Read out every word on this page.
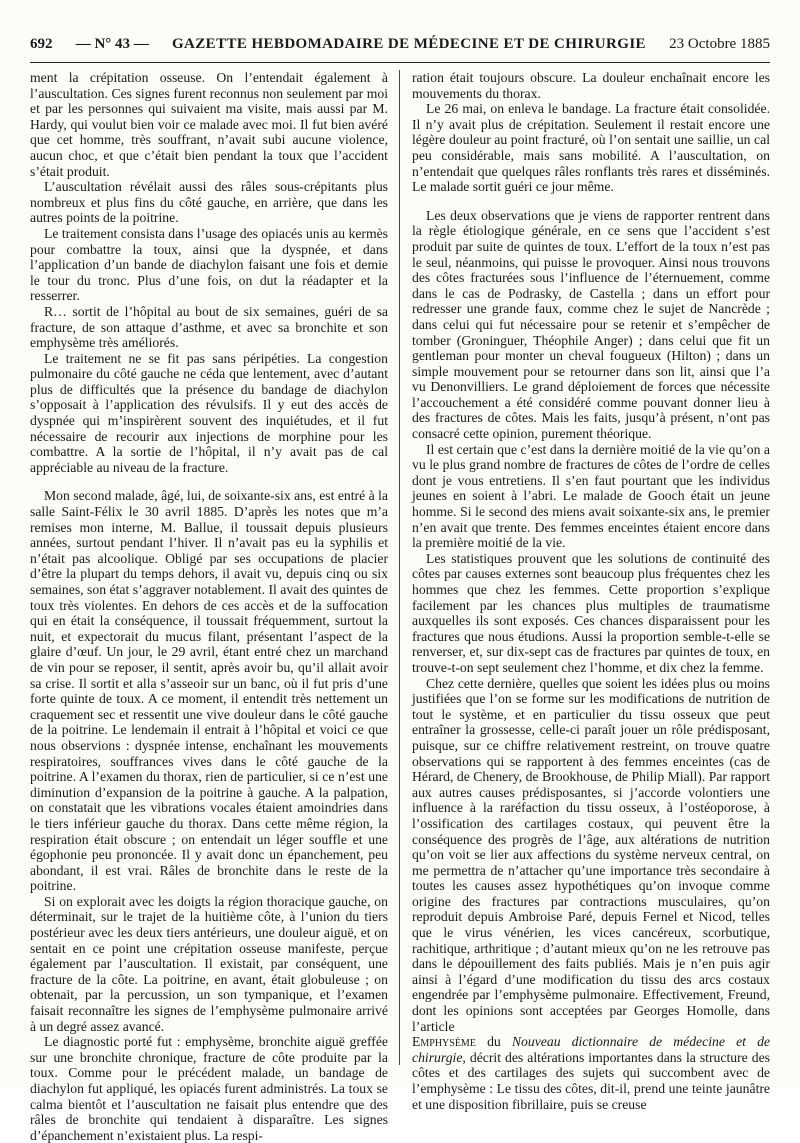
692 — N° 43 — GAZETTE HEBDOMADAIRE DE MÉDECINE ET DE CHIRURGIE 23 Octobre 1885

ment la crépitation osseuse. On l’entendait également à l’auscultation. Ces signes furent reconnus non seulement par moi et par les personnes qui suivaient ma visite, mais aussi par M. Hardy, qui voulut bien voir ce malade avec moi. Il fut bien avéré que cet homme, très souffrant, n’avait subi aucune violence, aucun choc, et que c’était bien pendant la toux que l’accident s’était produit.

L’auscultation révélait aussi des râles sous-crépitants plus nombreux et plus fins du côté gauche, en arrière, que dans les autres points de la poitrine.

Le traitement consista dans l’usage des opiacés unis au kermès pour combattre la toux, ainsi que la dyspnée, et dans l’application d’un bande de diachylon faisant une fois et demie le tour du tronc. Plus d’une fois, on dut la réadapter et la resserrer.

R… sortit de l’hôpital au bout de six semaines, guéri de sa fracture, de son attaque d’asthme, et avec sa bronchite et son emphysème très améliorés.

Le traitement ne se fit pas sans péripéties. La congestion pulmonaire du côté gauche ne céda que lentement, avec d’autant plus de difficultés que la présence du bandage de diachylon s’opposait à l’application des révulsifs. Il y eut des accès de dyspnée qui m’inspirèrent souvent des inquiétudes, et il fut nécessaire de recourir aux injections de morphine pour les combattre. A la sortie de l’hôpital, il n’y avait pas de cal appréciable au niveau de la fracture.

Mon second malade, âgé, lui, de soixante-six ans, est entré à la salle Saint-Félix le 30 avril 1885. D’après les notes que m’a remises mon interne, M. Ballue, il toussait depuis plusieurs années, surtout pendant l’hiver. Il n’avait pas eu la syphilis et n’était pas alcoolique. Obligé par ses occupations de placier d’être la plupart du temps dehors, il avait vu, depuis cinq ou six semaines, son état s’aggraver notablement. Il avait des quintes de toux très violentes. En dehors de ces accès et de la suffocation qui en était la conséquence, il toussait fréquemment, surtout la nuit, et expectorait du mucus filant, présentant l’aspect de la glaire d’œuf. Un jour, le 29 avril, étant entré chez un marchand de vin pour se reposer, il sentit, après avoir bu, qu’il allait avoir sa crise. Il sortit et alla s’asseoir sur un banc, où il fut pris d’une forte quinte de toux. A ce moment, il entendit très nettement un craquement sec et ressentit une vive douleur dans le côté gauche de la poitrine. Le lendemain il entrait à l’hôpital et voici ce que nous observions : dyspnée intense, enchaînant les mouvements respiratoires, souffrances vives dans le côté gauche de la poitrine. A l’examen du thorax, rien de particulier, si ce n’est une diminution d’expansion de la poitrine à gauche. A la palpation, on constatait que les vibrations vocales étaient amoindries dans le tiers inférieur gauche du thorax. Dans cette même région, la respiration était obscure ; on entendait un léger souffle et une égophonie peu prononcée. Il y avait donc un épanchement, peu abondant, il est vrai. Râles de bronchite dans le reste de la poitrine.

Si on explorait avec les doigts la région thoracique gauche, on déterminait, sur le trajet de la huitième côte, à l’union du tiers postérieur avec les deux tiers antérieurs, une douleur aiguë, et on sentait en ce point une crépitation osseuse manifeste, perçue également par l’auscultation. Il existait, par conséquent, une fracture de la côte. La poitrine, en avant, était globuleuse ; on obtenait, par la percussion, un son tympanique, et l’examen faisait reconnaître les signes de l’emphysème pulmonaire arrivé à un degré assez avancé.

Le diagnostic porté fut : emphysème, bronchite aiguë greffée sur une bronchite chronique, fracture de côte produite par la toux. Comme pour le précédent malade, un bandage de diachylon fut appliqué, les opiacés furent administrés. La toux se calma bientôt et l’auscultation ne faisait plus entendre que des râles de bronchite qui tendaient à disparaître. Les signes d’épanchement n’existaient plus. La respi-

ration était toujours obscure. La douleur enchaînait encore les mouvements du thorax.

Le 26 mai, on enleva le bandage. La fracture était consolidée. Il n’y avait plus de crépitation. Seulement il restait encore une légère douleur au point fracturé, où l’on sentait une saillie, un cal peu considérable, mais sans mobilité. A l’auscultation, on n’entendait que quelques râles ronflants très rares et disséminés. Le malade sortit guéri ce jour même.

Les deux observations que je viens de rapporter rentrent dans la règle étiologique générale, en ce sens que l’accident s’est produit par suite de quintes de toux. L’effort de la toux n’est pas le seul, néanmoins, qui puisse le provoquer. Ainsi nous trouvons des côtes fracturées sous l’influence de l’éternuement, comme dans le cas de Podrasky, de Castella ; dans un effort pour redresser une grande faux, comme chez le sujet de Nancrède ; dans celui qui fut nécessaire pour se retenir et s’empêcher de tomber (Groninguer, Théophile Anger) ; dans celui que fit un gentleman pour monter un cheval fougueux (Hilton) ; dans un simple mouvement pour se retourner dans son lit, ainsi que l’a vu Denonvilliers. Le grand déploiement de forces que nécessite l’accouchement a été considéré comme pouvant donner lieu à des fractures de côtes. Mais les faits, jusqu’à présent, n’ont pas consacré cette opinion, purement théorique.

Il est certain que c’est dans la dernière moitié de la vie qu’on a vu le plus grand nombre de fractures de côtes de l’ordre de celles dont je vous entretiens. Il s’en faut pourtant que les individus jeunes en soient à l’abri. Le malade de Gooch était un jeune homme. Si le second des miens avait soixante-six ans, le premier n’en avait que trente. Des femmes enceintes étaient encore dans la première moitié de la vie.

Les statistiques prouvent que les solutions de continuité des côtes par causes externes sont beaucoup plus fréquentes chez les hommes que chez les femmes. Cette proportion s’explique facilement par les chances plus multiples de traumatisme auxquelles ils sont exposés. Ces chances disparaissent pour les fractures que nous étudions. Aussi la proportion semble-t-elle se renverser, et, sur dix-sept cas de fractures par quintes de toux, en trouve-t-on sept seulement chez l’homme, et dix chez la femme.

Chez cette dernière, quelles que soient les idées plus ou moins justifiées que l’on se forme sur les modifications de nutrition de tout le système, et en particulier du tissu osseux que peut entraîner la grossesse, celle-ci paraît jouer un rôle prédisposant, puisque, sur ce chiffre relativement restreint, on trouve quatre observations qui se rapportent à des femmes enceintes (cas de Hérard, de Chenery, de Brookhouse, de Philip Miall). Par rapport aux autres causes prédisposantes, si j’accorde volontiers une influence à la raréfaction du tissu osseux, à l’ostéoporose, à l’ossification des cartilages costaux, qui peuvent être la conséquence des progrès de l’âge, aux altérations de nutrition qu’on voit se lier aux affections du système nerveux central, on me permettra de n’attacher qu’une importance très secondaire à toutes les causes assez hypothétiques qu’on invoque comme origine des fractures par contractions musculaires, qu’on reproduit depuis Ambroise Paré, depuis Fernel et Nicod, telles que le virus vénérien, les vices cancéreux, scorbutique, rachitique, arthritique ; d’autant mieux qu’on ne les retrouve pas dans le dépouillement des faits publiés. Mais je n’en puis agir ainsi à l’égard d’une modification du tissu des arcs costaux engendrée par l’emphysème pulmonaire. Effectivement, Freund, dont les opinions sont acceptées par Georges Homolle, dans l’article

Emphysème du Nouveau dictionnaire de médecine et de chirurgie, décrit des altérations importantes dans la structure des côtes et des cartilages des sujets qui succombent avec de l’emphysème : Le tissu des côtes, dit-il, prend une teinte jaunâtre et une disposition fibrillaire, puis se creuse
